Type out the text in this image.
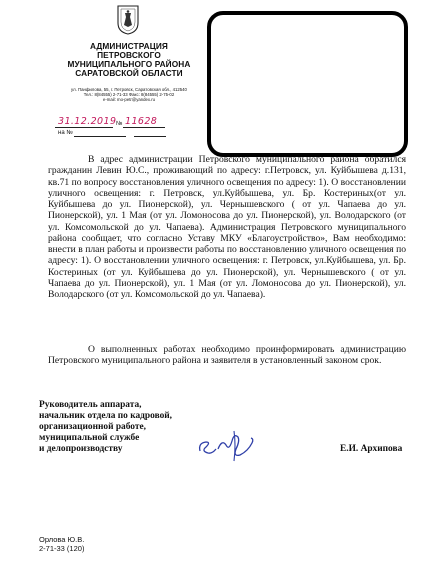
АДМИНИСТРАЦИЯ
ПЕТРОВСКОГО
МУНИЦИПАЛЬНОГО РАЙОНА
САРАТОВСКОЙ ОБЛАСТИ
ул. Панфилова, 55, г. Петровск, Саратовская обл., 412540
Тел.: 8(84555) 2-71-33 Факс: 8(84555) 2-75-02
e-mail: mo-petr@yandex.ru
31.12.2019 № 11628
на №
В адрес администрации Петровского муниципального района обратился гражданин Левин Ю.С., проживающий по адресу: г.Петровск, ул. Куйбышева д.131, кв.71 по вопросу восстановления уличного освещения по адресу: 1). О восстановлении уличного освещения: г. Петровск, ул.Куйбышева, ул. Бр. Костериных(от ул. Куйбышева до ул. Пионерской), ул. Чернышевского ( от ул. Чапаева до ул. Пионерской), ул. 1 Мая (от ул. Ломоносова до ул. Пионерской), ул. Володарского (от ул. Комсомольской до ул. Чапаева). Администрация Петровского муниципального района сообщает, что согласно Уставу МКУ «Благоустройство», Вам необходимо: внести в план работы и произвести работы по восстановлению уличного освещения по адресу: 1). О восстановлении уличного освещения: г. Петровск, ул.Куйбышева, ул. Бр. Костериных (от ул. Куйбышева до ул. Пионерской), ул. Чернышевского ( от ул. Чапаева до ул. Пионерской), ул. 1 Мая (от ул. Ломоносова до ул. Пионерской), ул. Володарского (от ул. Комсомольской до ул. Чапаева).
О выполненных работах необходимо проинформировать администрацию Петровского муниципального района и заявителя в установленный законом срок.
Руководитель аппарата,
начальник отдела по кадровой,
организационной работе,
муниципальной службе
и делопроизводству	Е.И. Архипова
Орлова Ю.В.
2-71-33 (120)
